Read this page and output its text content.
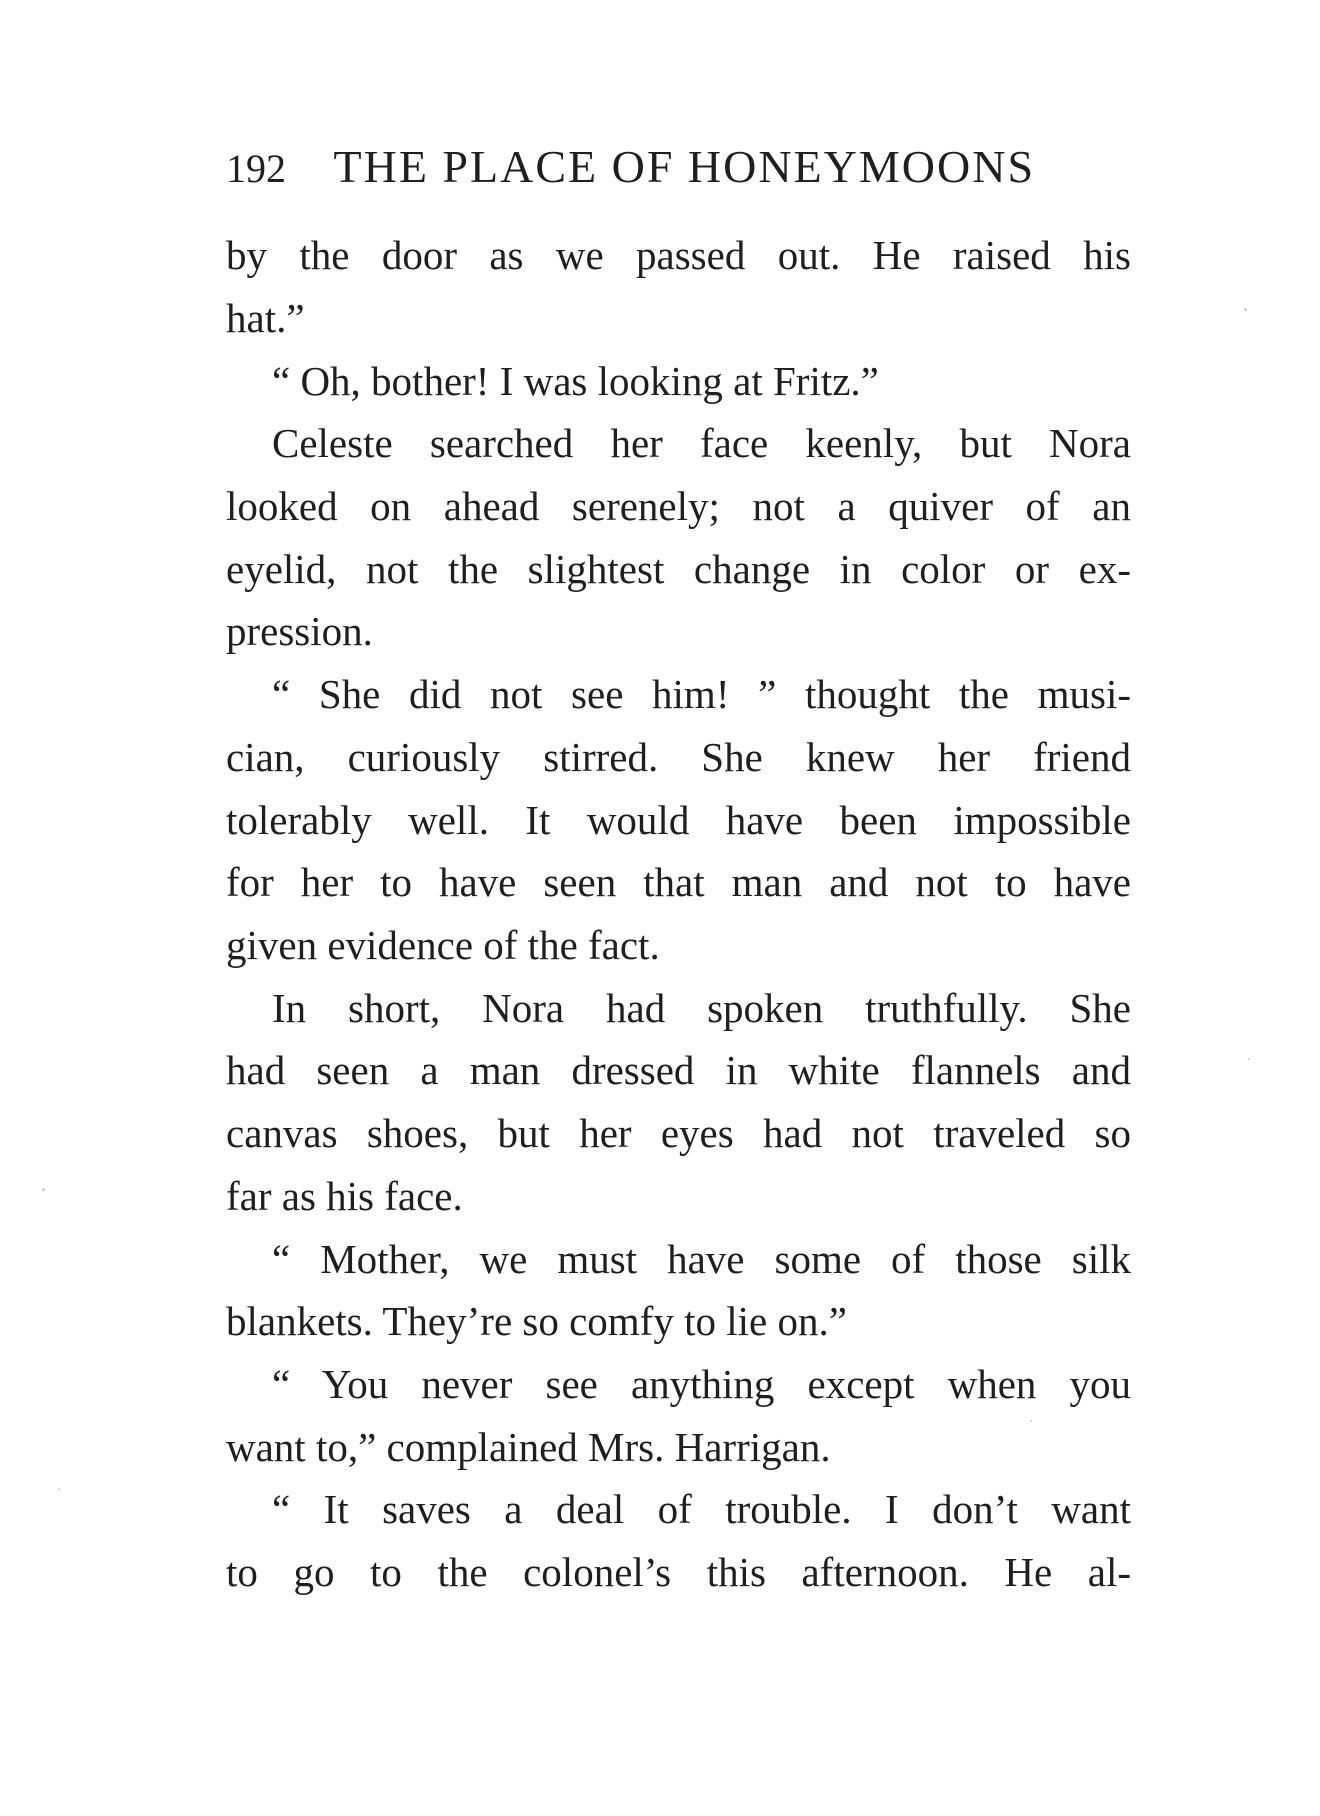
192 THE PLACE OF HONEYMOONS
by the door as we passed out. He raised his
hat.”
“ Oh, bother! I was looking at Fritz.”
Celeste searched her face keenly, but Nora
looked on ahead serenely; not a quiver of an
eyelid, not the slightest change in color or ex-
pression.
“ She did not see him! ” thought the musi-
cian, curiously stirred. She knew her friend
tolerably well. It would have been impossible
for her to have seen that man and not to have
given evidence of the fact.
In short, Nora had spoken truthfully. She
had seen a man dressed in white flannels and
canvas shoes, but her eyes had not traveled so
far as his face.
“ Mother, we must have some of those silk
blankets. They’re so comfy to lie on.”
“ You never see anything except when you
want to,” complained Mrs. Harrigan.
“ It saves a deal of trouble. I don’t want
to go to the colonel’s this afternoon. He al-
